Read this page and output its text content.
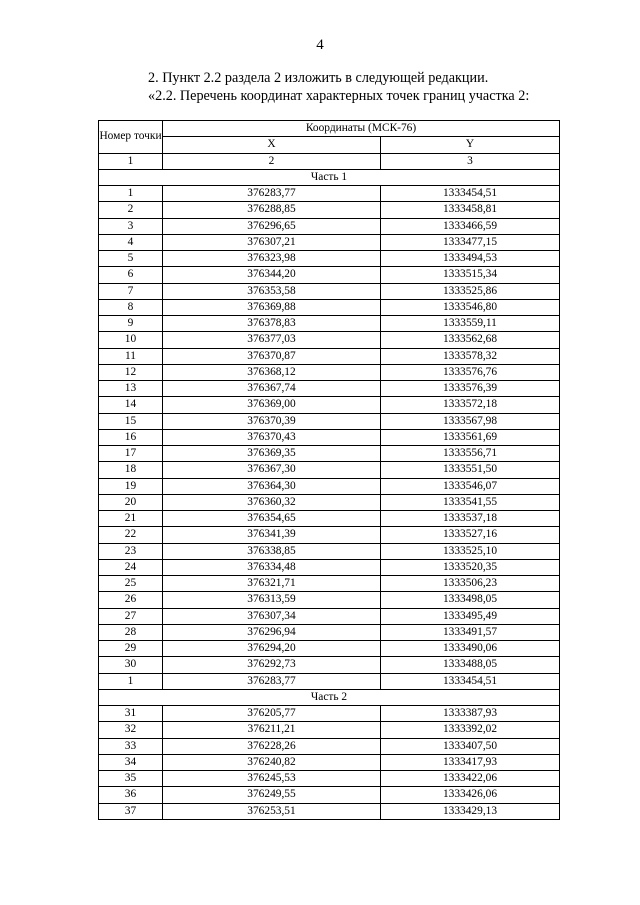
4
2. Пункт 2.2 раздела 2 изложить в следующей редакции.
«2.2. Перечень координат характерных точек границ участка 2:
Номер точки	Координаты (МСК-76)	
	X	Y
1	2	3
Часть 1		
1	376283,77	1333454,51
2	376288,85	1333458,81
3	376296,65	1333466,59
4	376307,21	1333477,15
5	376323,98	1333494,53
6	376344,20	1333515,34
7	376353,58	1333525,86
8	376369,88	1333546,80
9	376378,83	1333559,11
10	376377,03	1333562,68
11	376370,87	1333578,32
12	376368,12	1333576,76
13	376367,74	1333576,39
14	376369,00	1333572,18
15	376370,39	1333567,98
16	376370,43	1333561,69
17	376369,35	1333556,71
18	376367,30	1333551,50
19	376364,30	1333546,07
20	376360,32	1333541,55
21	376354,65	1333537,18
22	376341,39	1333527,16
23	376338,85	1333525,10
24	376334,48	1333520,35
25	376321,71	1333506,23
26	376313,59	1333498,05
27	376307,34	1333495,49
28	376296,94	1333491,57
29	376294,20	1333490,06
30	376292,73	1333488,05
1	376283,77	1333454,51
Часть 2		
31	376205,77	1333387,93
32	376211,21	1333392,02
33	376228,26	1333407,50
34	376240,82	1333417,93
35	376245,53	1333422,06
36	376249,55	1333426,06
37	376253,51	1333429,13
